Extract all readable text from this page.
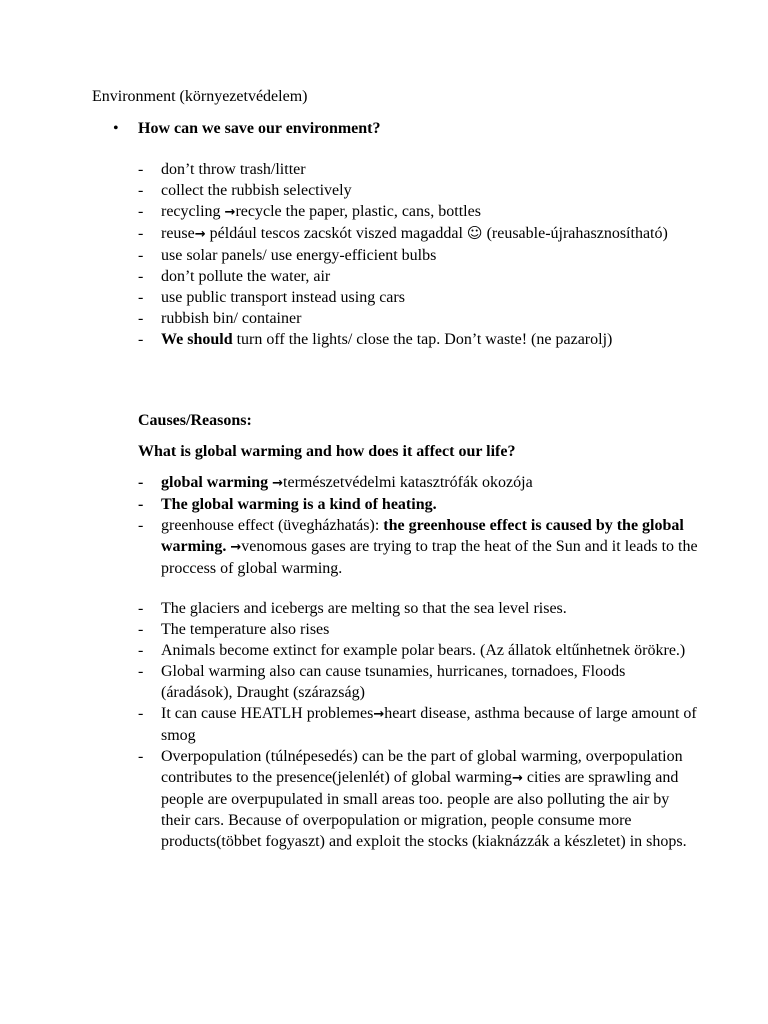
Environment (környezetvédelem)
• How can we save our environment?
- don’t throw trash/litter
- collect the rubbish selectively
- recycling →recycle the paper, plastic, cans, bottles
- reuse→ például tescos zacskót viszed magaddal ☺ (reusable-újrahasznosítható)
- use solar panels/ use energy-efficient bulbs
- don’t pollute the water, air
- use public transport instead using cars
- rubbish bin/ container
- We should turn off the lights/ close the tap. Don’t waste! (ne pazarolj)
Causes/Reasons:
What is global warming and how does it affect our life?
- global warming →természetvédelmi katasztrófák okozója
- The global warming is a kind of heating.
- greenhouse effect (üvegházhatás): the greenhouse effect is caused by the global warming. →venomous gases are trying to trap the heat of the Sun and it leads to the proccess of global warming.
- The glaciers and icebergs are melting so that the sea level rises.
- The temperature also rises
- Animals become extinct for example polar bears. (Az állatok eltűnhetnek örökre.)
- Global warming also can cause tsunamies, hurricanes, tornadoes, Floods (áradások), Draught (szárazság)
- It can cause HEATLH problemes→heart disease, asthma because of large amount of smog
- Overpopulation (túlnépesedés) can be the part of global warming, overpopulation contributes to the presence(jelenlét) of global warming→ cities are sprawling and people are overpupulated in small areas too. people are also polluting the air by their cars. Because of overpopulation or migration, people consume more products(többet fogyaszt) and exploit the stocks (kiaknázzák a készletet) in shops.
